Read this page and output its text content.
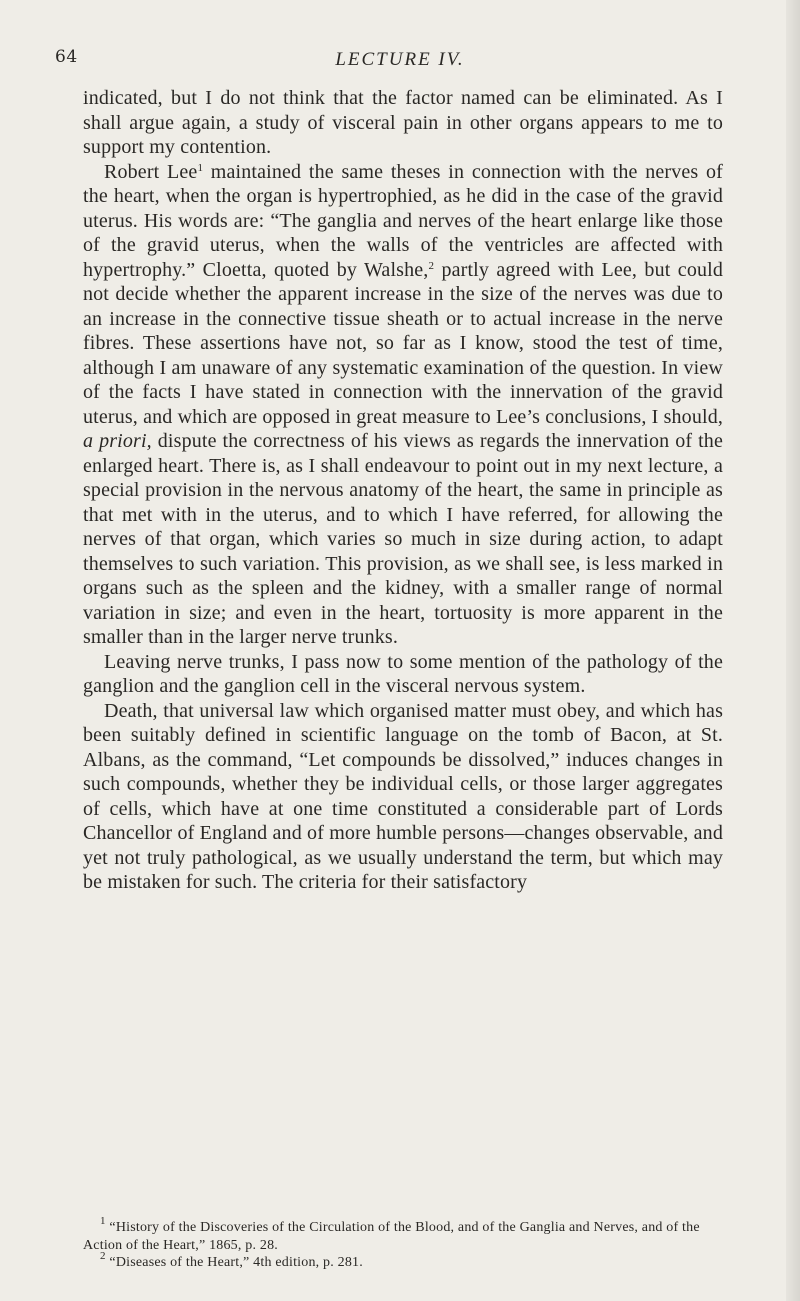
64	LECTURE IV.

indicated, but I do not think that the factor named can be eliminated. As I shall argue again, a study of visceral pain in other organs appears to me to support my contention.

Robert Lee$^1$ maintained the same theses in connection with the nerves of the heart, when the organ is hypertrophied, as he did in the case of the gravid uterus. His words are: “The ganglia and nerves of the heart enlarge like those of the gravid uterus, when the walls of the ventricles are affected with hypertrophy.” Cloetta, quoted by Walshe,$^2$ partly agreed with Lee, but could not decide whether the apparent increase in the size of the nerves was due to an increase in the connective tissue sheath or to actual increase in the nerve fibres. These assertions have not, so far as I know, stood the test of time, although I am unaware of any systematic examination of the question. In view of the facts I have stated in connection with the innervation of the gravid uterus, and which are opposed in great measure to Lee’s conclusions, I should, a priori, dispute the correctness of his views as regards the innervation of the enlarged heart. There is, as I shall endeavour to point out in my next lecture, a special provision in the nervous anatomy of the heart, the same in principle as that met with in the uterus, and to which I have referred, for allowing the nerves of that organ, which varies so much in size during action, to adapt themselves to such variation. This provision, as we shall see, is less marked in organs such as the spleen and the kidney, with a smaller range of normal variation in size; and even in the heart, tortuosity is more apparent in the smaller than in the larger nerve trunks.

Leaving nerve trunks, I pass now to some mention of the pathology of the ganglion and the ganglion cell in the visceral nervous system.

Death, that universal law which organised matter must obey, and which has been suitably defined in scientific language on the tomb of Bacon, at St. Albans, as the command, “Let compounds be dissolved,” induces changes in such compounds, whether they be individual cells, or those larger aggregates of cells, which have at one time constituted a considerable part of Lords Chancellor of England and of more humble persons—changes observable, and yet not truly pathological, as we usually understand the term, but which may be mistaken for such. The criteria for their satisfactory

$^1$ “History of the Discoveries of the Circulation of the Blood, and of the Ganglia and Nerves, and of the Action of the Heart,” 1865, p. 28.

$^2$ “Diseases of the Heart,” 4th edition, p. 281.
